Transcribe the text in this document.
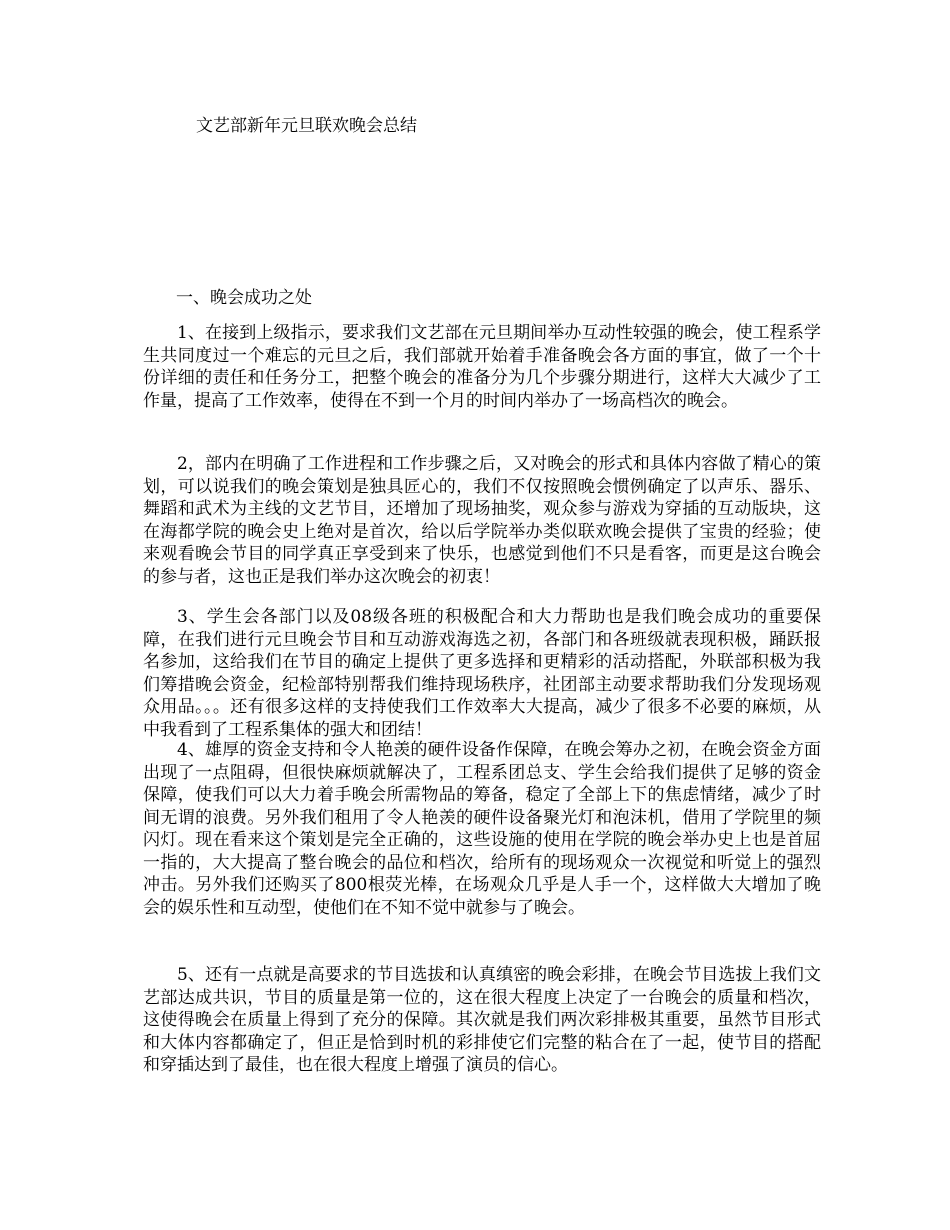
文艺部新年元旦联欢晚会总结
一、晚会成功之处

1、在接到上级指示，要求我们文艺部在元旦期间举办互动性较强的晚会，使工程系学生共同度过一个难忘的元旦之后，我们部就开始着手准备晚会各方面的事宜，做了一个十份详细的责任和任务分工，把整个晚会的准备分为几个步骤分期进行，这样大大减少了工作量，提高了工作效率，使得在不到一个月的时间内举办了一场高档次的晚会。

2，部内在明确了工作进程和工作步骤之后，又对晚会的形式和具体内容做了精心的策划，可以说我们的晚会策划是独具匠心的，我们不仅按照晚会惯例确定了以声乐、器乐、舞蹈和武术为主线的文艺节目，还增加了现场抽奖，观众参与游戏为穿插的互动版块，这在海都学院的晚会史上绝对是首次，给以后学院举办类似联欢晚会提供了宝贵的经验；使来观看晚会节目的同学真正享受到来了快乐，也感觉到他们不只是看客，而更是这台晚会的参与者，这也正是我们举办这次晚会的初衷！

3、学生会各部门以及08级各班的积极配合和大力帮助也是我们晚会成功的重要保障，在我们进行元旦晚会节目和互动游戏海选之初，各部门和各班级就表现积极，踊跃报名参加，这给我们在节目的确定上提供了更多选择和更精彩的活动搭配，外联部积极为我们筹措晚会资金，纪检部特别帮我们维持现场秩序，社团部主动要求帮助我们分发现场观众用品。。。还有很多这样的支持使我们工作效率大大提高，减少了很多不必要的麻烦，从中我看到了工程系集体的强大和团结！

4、雄厚的资金支持和令人艳羡的硬件设备作保障，在晚会筹办之初，在晚会资金方面出现了一点阻碍，但很快麻烦就解决了，工程系团总支、学生会给我们提供了足够的资金保障，使我们可以大力着手晚会所需物品的筹备，稳定了全部上下的焦虑情绪，减少了时间无谓的浪费。另外我们租用了令人艳羡的硬件设备聚光灯和泡沫机，借用了学院里的频闪灯。现在看来这个策划是完全正确的，这些设施的使用在学院的晚会举办史上也是首屈一指的，大大提高了整台晚会的品位和档次，给所有的现场观众一次视觉和听觉上的强烈冲击。另外我们还购买了800根荧光棒，在场观众几乎是人手一个，这样做大大增加了晚会的娱乐性和互动型，使他们在不知不觉中就参与了晚会。

5、还有一点就是高要求的节目选拔和认真缜密的晚会彩排，在晚会节目选拔上我们文艺部达成共识，节目的质量是第一位的，这在很大程度上决定了一台晚会的质量和档次，这使得晚会在质量上得到了充分的保障。其次就是我们两次彩排极其重要，虽然节目形式和大体内容都确定了，但正是恰到时机的彩排使它们完整的粘合在了一起，使节目的搭配和穿插达到了最佳，也在很大程度上增强了演员的信心。
